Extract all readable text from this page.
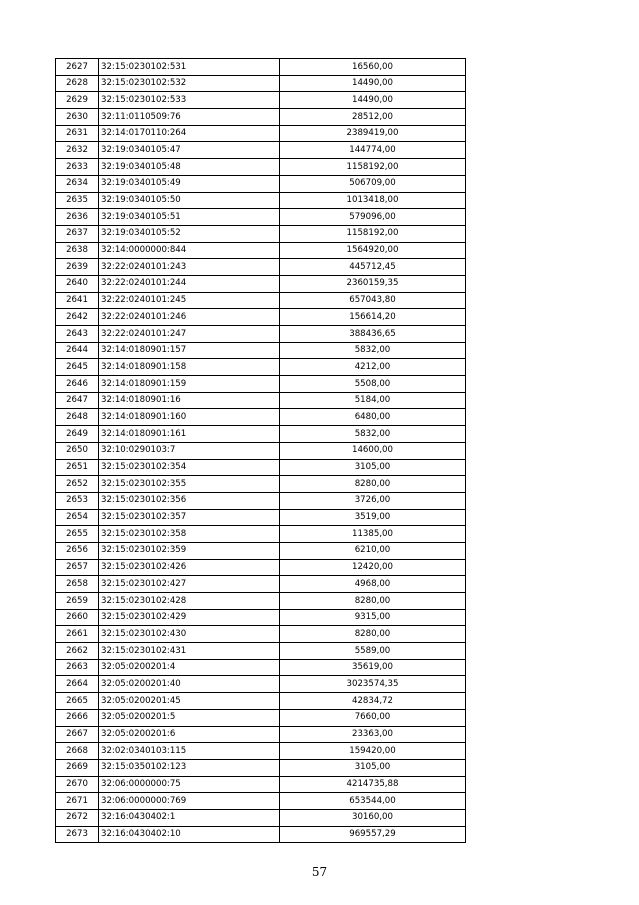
2627	32:15:0230102:531	16560,00
2628	32:15:0230102:532	14490,00
2629	32:15:0230102:533	14490,00
2630	32:11:0110509:76	28512,00
2631	32:14:0170110:264	2389419,00
2632	32:19:0340105:47	144774,00
2633	32:19:0340105:48	1158192,00
2634	32:19:0340105:49	506709,00
2635	32:19:0340105:50	1013418,00
2636	32:19:0340105:51	579096,00
2637	32:19:0340105:52	1158192,00
2638	32:14:0000000:844	1564920,00
2639	32:22:0240101:243	445712,45
2640	32:22:0240101:244	2360159,35
2641	32:22:0240101:245	657043,80
2642	32:22:0240101:246	156614,20
2643	32:22:0240101:247	388436,65
2644	32:14:0180901:157	5832,00
2645	32:14:0180901:158	4212,00
2646	32:14:0180901:159	5508,00
2647	32:14:0180901:16	5184,00
2648	32:14:0180901:160	6480,00
2649	32:14:0180901:161	5832,00
2650	32:10:0290103:7	14600,00
2651	32:15:0230102:354	3105,00
2652	32:15:0230102:355	8280,00
2653	32:15:0230102:356	3726,00
2654	32:15:0230102:357	3519,00
2655	32:15:0230102:358	11385,00
2656	32:15:0230102:359	6210,00
2657	32:15:0230102:426	12420,00
2658	32:15:0230102:427	4968,00
2659	32:15:0230102:428	8280,00
2660	32:15:0230102:429	9315,00
2661	32:15:0230102:430	8280,00
2662	32:15:0230102:431	5589,00
2663	32:05:0200201:4	35619,00
2664	32:05:0200201:40	3023574,35
2665	32:05:0200201:45	42834,72
2666	32:05:0200201:5	7660,00
2667	32:05:0200201:6	23363,00
2668	32:02:0340103:115	159420,00
2669	32:15:0350102:123	3105,00
2670	32:06:0000000:75	4214735,88
2671	32:06:0000000:769	653544,00
2672	32:16:0430402:1	30160,00
2673	32:16:0430402:10	969557,29
57
